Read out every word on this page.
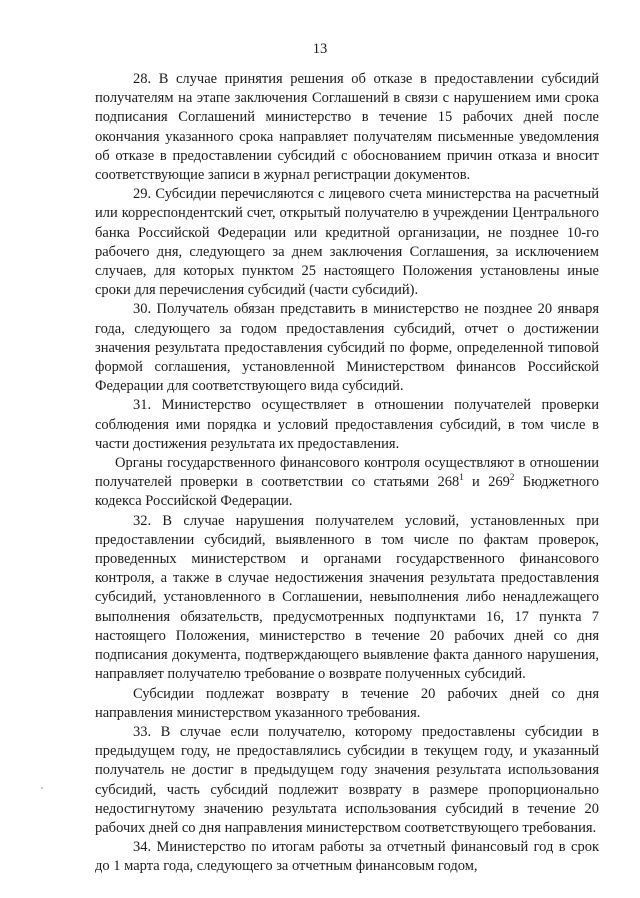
13

28. В случае принятия решения об отказе в предоставлении субсидий получателям на этапе заключения Соглашений в связи с нарушением ими срока подписания Соглашений министерство в течение 15 рабочих дней после окончания указанного срока направляет получателям письменные уведомления об отказе в предоставлении субсидий с обоснованием причин отказа и вносит соответствующие записи в журнал регистрации документов.

29. Субсидии перечисляются с лицевого счета министерства на расчетный или корреспондентский счет, открытый получателю в учреждении Центрального банка Российской Федерации или кредитной организации, не позднее 10-го рабочего дня, следующего за днем заключения Соглашения, за исключением случаев, для которых пунктом 25 настоящего Положения установлены иные сроки для перечисления субсидий (части субсидий).

30. Получатель обязан представить в министерство не позднее 20 января года, следующего за годом предоставления субсидий, отчет о достижении значения результата предоставления субсидий по форме, определенной типовой формой соглашения, установленной Министерством финансов Российской Федерации для соответствующего вида субсидий.

31. Министерство осуществляет в отношении получателей проверки соблюдения ими порядка и условий предоставления субсидий, в том числе в части достижения результата их предоставления.

Органы государственного финансового контроля осуществляют в отношении получателей проверки в соответствии со статьями $268^1$ и $269^2$ Бюджетного кодекса Российской Федерации.

32. В случае нарушения получателем условий, установленных при предоставлении субсидий, выявленного в том числе по фактам проверок, проведенных министерством и органами государственного финансового контроля, а также в случае недостижения значения результата предоставления субсидий, установленного в Соглашении, невыполнения либо ненадлежащего выполнения обязательств, предусмотренных подпунктами 16, 17 пункта 7 настоящего Положения, министерство в течение 20 рабочих дней со дня подписания документа, подтверждающего выявление факта данного нарушения, направляет получателю требование о возврате полученных субсидий.

Субсидии подлежат возврату в течение 20 рабочих дней со дня направления министерством указанного требования.

33. В случае если получателю, которому предоставлены субсидии в предыдущем году, не предоставлялись субсидии в текущем году, и указанный получатель не достиг в предыдущем году значения результата использования субсидий, часть субсидий подлежит возврату в размере пропорционально недостигнутому значению результата использования субсидий в течение 20 рабочих дней со дня направления министерством соответствующего требования.

34. Министерство по итогам работы за отчетный финансовый год в срок до 1 марта года, следующего за отчетным финансовым годом,
